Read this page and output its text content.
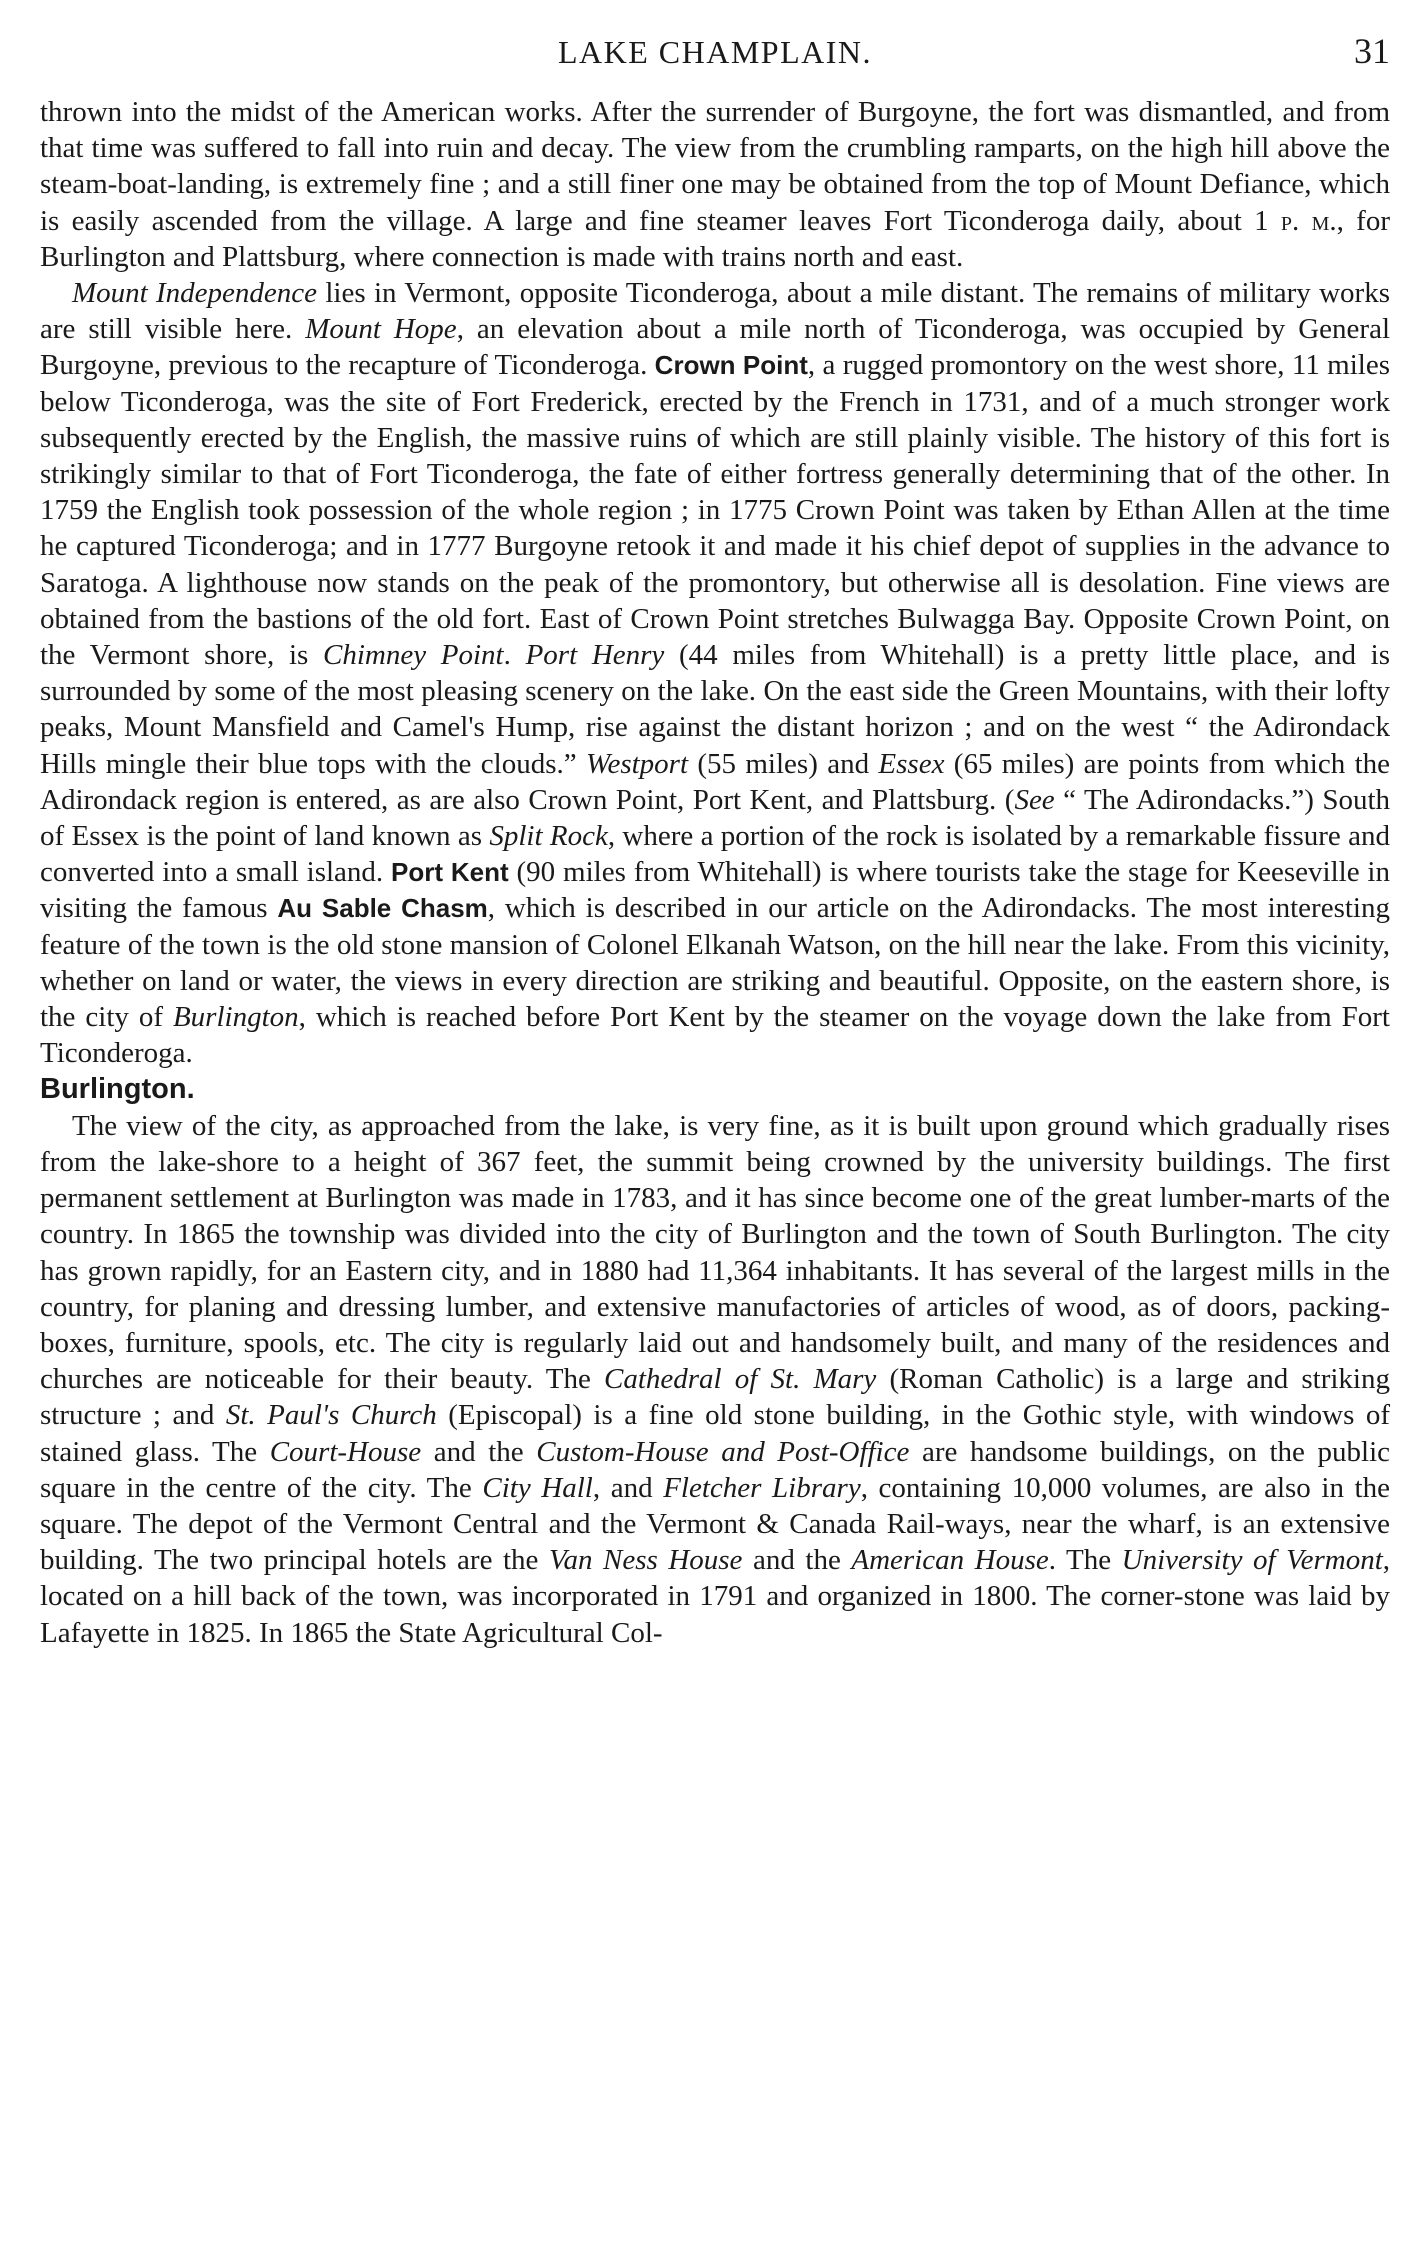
LAKE CHAMPLAIN.	31

thrown into the midst of the American works. After the surrender of Burgoyne, the fort was dismantled, and from that time was suffered to fall into ruin and decay. The view from the crumbling ramparts, on the high hill above the steam-boat-landing, is extremely fine ; and a still finer one may be obtained from the top of Mount Defiance, which is easily ascended from the village. A large and fine steamer leaves Fort Ticonderoga daily, about 1 p. m., for Burlington and Plattsburg, where connection is made with trains north and east.

Mount Independence lies in Vermont, opposite Ticonderoga, about a mile distant. The remains of military works are still visible here. Mount Hope, an elevation about a mile north of Ticonderoga, was occupied by General Burgoyne, previous to the recapture of Ticonderoga. Crown Point, a rugged promontory on the west shore, 11 miles below Ticonderoga, was the site of Fort Frederick, erected by the French in 1731, and of a much stronger work subsequently erected by the English, the massive ruins of which are still plainly visible. The history of this fort is strikingly similar to that of Fort Ticonderoga, the fate of either fortress generally determining that of the other. In 1759 the English took possession of the whole region ; in 1775 Crown Point was taken by Ethan Allen at the time he captured Ticonderoga; and in 1777 Burgoyne retook it and made it his chief depot of supplies in the advance to Saratoga. A lighthouse now stands on the peak of the promontory, but otherwise all is desolation. Fine views are obtained from the bastions of the old fort. East of Crown Point stretches Bulwagga Bay. Opposite Crown Point, on the Vermont shore, is Chimney Point. Port Henry (44 miles from Whitehall) is a pretty little place, and is surrounded by some of the most pleasing scenery on the lake. On the east side the Green Mountains, with their lofty peaks, Mount Mansfield and Camel's Hump, rise against the distant horizon ; and on the west “ the Adirondack Hills mingle their blue tops with the clouds.” Westport (55 miles) and Essex (65 miles) are points from which the Adirondack region is entered, as are also Crown Point, Port Kent, and Plattsburg. (See “ The Adirondacks.”) South of Essex is the point of land known as Split Rock, where a portion of the rock is isolated by a remarkable fissure and converted into a small island. Port Kent (90 miles from Whitehall) is where tourists take the stage for Keeseville in visiting the famous Au Sable Chasm, which is described in our article on the Adirondacks. The most interesting feature of the town is the old stone mansion of Colonel Elkanah Watson, on the hill near the lake. From this vicinity, whether on land or water, the views in every direction are striking and beautiful. Opposite, on the eastern shore, is the city of Burlington, which is reached before Port Kent by the steamer on the voyage down the lake from Fort Ticonderoga.

Burlington.

The view of the city, as approached from the lake, is very fine, as it is built upon ground which gradually rises from the lake-shore to a height of 367 feet, the summit being crowned by the university buildings. The first permanent settlement at Burlington was made in 1783, and it has since become one of the great lumber-marts of the country. In 1865 the township was divided into the city of Burlington and the town of South Burlington. The city has grown rapidly, for an Eastern city, and in 1880 had 11,364 inhabitants. It has several of the largest mills in the country, for planing and dressing lumber, and extensive manufactories of articles of wood, as of doors, packing-boxes, furniture, spools, etc. The city is regularly laid out and handsomely built, and many of the residences and churches are noticeable for their beauty. The Cathedral of St. Mary (Roman Catholic) is a large and striking structure ; and St. Paul's Church (Episcopal) is a fine old stone building, in the Gothic style, with windows of stained glass. The Court-House and the Custom-House and Post-Office are handsome buildings, on the public square in the centre of the city. The City Hall, and Fletcher Library, containing 10,000 volumes, are also in the square. The depot of the Vermont Central and the Vermont & Canada Rail-ways, near the wharf, is an extensive building. The two principal hotels are the Van Ness House and the American House. The University of Vermont, located on a hill back of the town, was incorporated in 1791 and organized in 1800. The corner-stone was laid by Lafayette in 1825. In 1865 the State Agricultural Col-
